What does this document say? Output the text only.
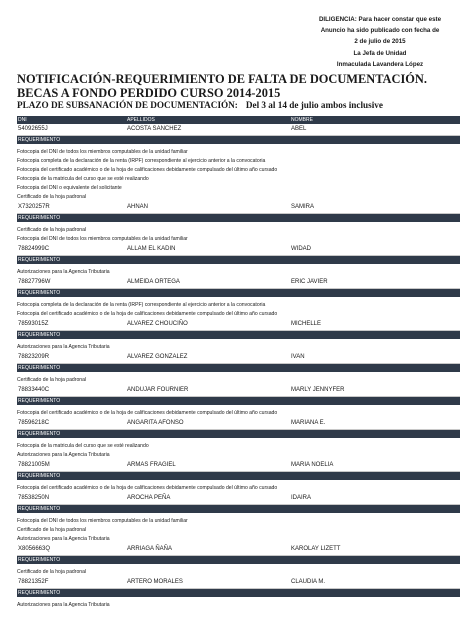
DILIGENCIA: Para hacer constar que este
Anuncio ha sido publicado con fecha de
2 de julio de 2015
La Jefa de Unidad
Inmaculada Lavandera López
NOTIFICACIÓN-REQUERIMIENTO DE FALTA DE DOCUMENTACIÓN. BECAS A FONDO PERDIDO CURSO 2014-2015
PLAZO DE SUBSANACIÓN DE DOCUMENTACIÓN: Del 3 al 14 de julio ambos inclusive
DNI	APELLIDOS	NOMBRE
54092655J	ACOSTA SANCHEZ	ABEL
REQUERIMIENTO
Fotocopia del DNI de todos los miembros computables de la unidad familiar
Fotocopia completa de la declaración de la renta (IRPF) correspondiente al ejercicio anterior a la convocatoria
Fotocopia del certificado académico o de la hoja de calificaciones debidamente compulsado del último año cursado
Fotocopia de la matricula del curso que se esté realizando
Fotocopia del DNI o equivalente del solicitante
Certificado de la hoja padronal
X7320257R	AHNAN	SAMIRA
REQUERIMIENTO
Certificado de la hoja padronal
Fotocopia del DNI de todos los miembros computables de la unidad familiar
78824999C	ALLAM EL KADIN	WIDAD
REQUERIMIENTO
Autorizaciones para la Agencia Tributaria
78827796W	ALMEIDA ORTEGA	ERIC JAVIER
REQUERIMIENTO
Fotocopia completa de la declaración de la renta (IRPF) correspondiente al ejercicio anterior a la convocatoria
Fotocopia del certificado académico o de la hoja de calificaciones debidamente compulsado del último año cursado
78593015Z	ALVAREZ CHOUCIÑO	MICHELLE
REQUERIMIENTO
Autorizaciones para la Agencia Tributaria
78823209R	ALVAREZ GONZALEZ	IVAN
REQUERIMIENTO
Certificado de la hoja padronal
78833440C	ANDUJAR FOURNIER	MARLY JENNYFER
REQUERIMIENTO
Fotocopia del certificado académico o de la hoja de calificaciones debidamente compulsado del último año cursado
78596218C	ANGARITA AFONSO	MARIANA E.
REQUERIMIENTO
Fotocopia de la matricula del curso que se esté realizando
Autorizaciones para la Agencia Tributaria
78821005M	ARMAS FRAGIEL	MARIA NOELIA
REQUERIMIENTO
Fotocopia del certificado académico o de la hoja de calificaciones debidamente compulsado del último año cursado
78538250N	AROCHA PEÑA	IDAIRA
REQUERIMIENTO
Fotocopia del DNI de todos los miembros computables de la unidad familiar
Certificado de la hoja padronal
Autorizaciones para la Agencia Tributaria
X8056663Q	ARRIAGA ÑAÑA	KAROLAY LIZETT
REQUERIMIENTO
Certificado de la hoja padronal
78821352F	ARTERO MORALES	CLAUDIA M.
REQUERIMIENTO
Autorizaciones para la Agencia Tributaria
